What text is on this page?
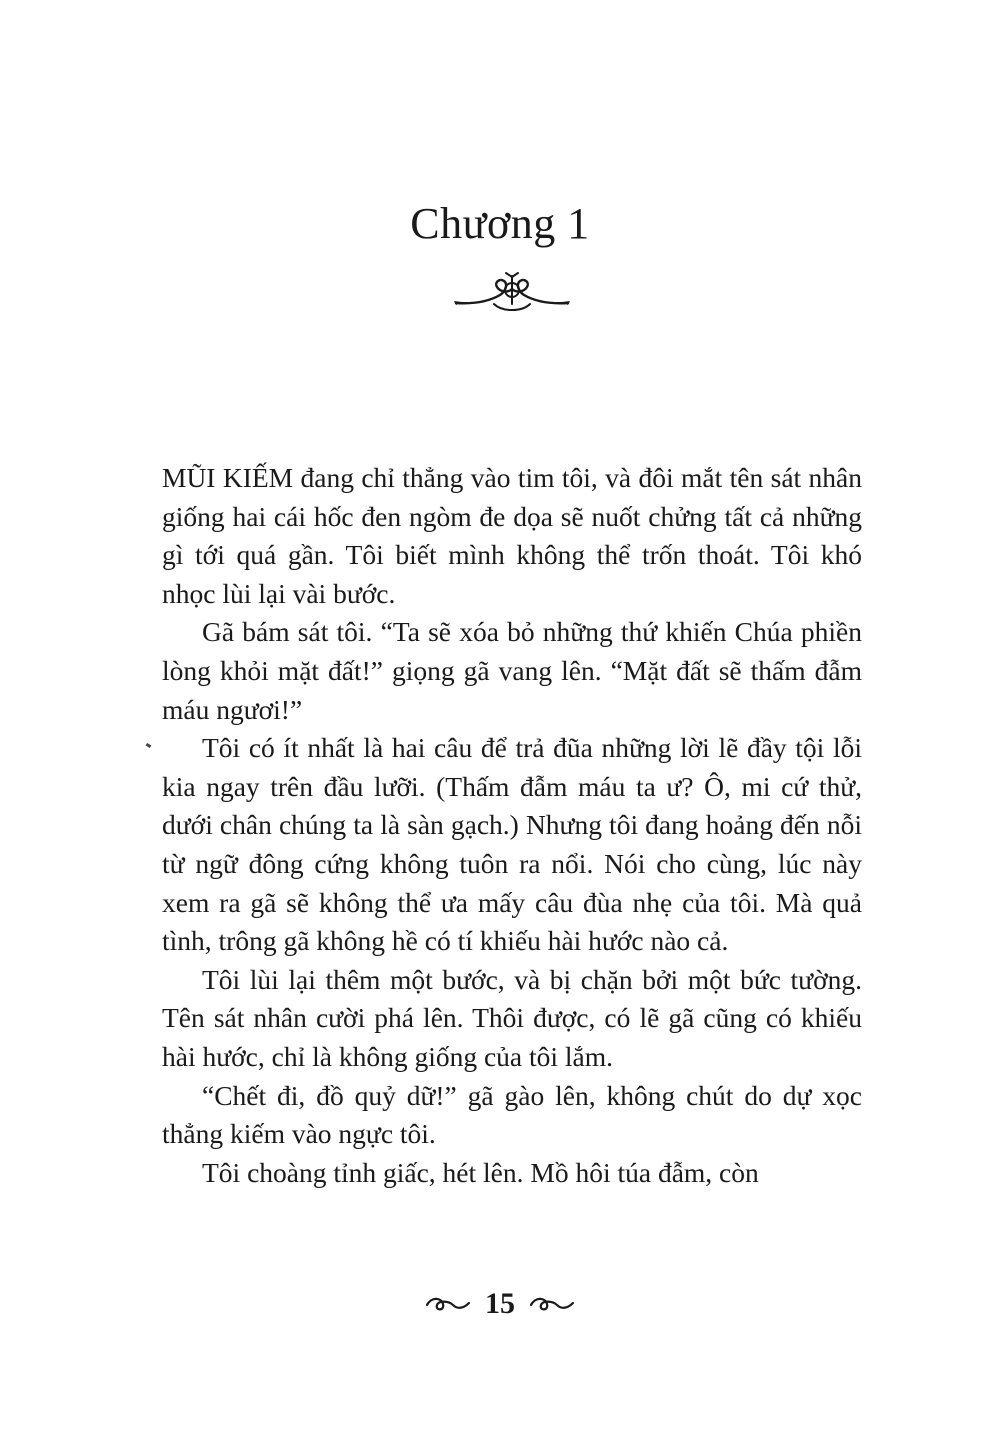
Chương 1

MŨI KIẾM đang chỉ thẳng vào tim tôi, và đôi mắt tên sát nhân giống hai cái hốc đen ngòm đe dọa sẽ nuốt chửng tất cả những gì tới quá gần. Tôi biết mình không thể trốn thoát. Tôi khó nhọc lùi lại vài bước.

Gã bám sát tôi. “Ta sẽ xóa bỏ những thứ khiến Chúa phiền lòng khỏi mặt đất!” giọng gã vang lên. “Mặt đất sẽ thấm đẫm máu ngươi!”

Tôi có ít nhất là hai câu để trả đũa những lời lẽ đầy tội lỗi kia ngay trên đầu lưỡi. (Thấm đẫm máu ta ư? Ô, mi cứ thử, dưới chân chúng ta là sàn gạch.) Nhưng tôi đang hoảng đến nỗi từ ngữ đông cứng không tuôn ra nổi. Nói cho cùng, lúc này xem ra gã sẽ không thể ưa mấy câu đùa nhẹ của tôi. Mà quả tình, trông gã không hề có tí khiếu hài hước nào cả.

Tôi lùi lại thêm một bước, và bị chặn bởi một bức tường. Tên sát nhân cười phá lên. Thôi được, có lẽ gã cũng có khiếu hài hước, chỉ là không giống của tôi lắm.

“Chết đi, đồ quỷ dữ!” gã gào lên, không chút do dự xọc thẳng kiếm vào ngực tôi.

Tôi choàng tỉnh giấc, hét lên. Mồ hôi túa đẫm, còn

15
